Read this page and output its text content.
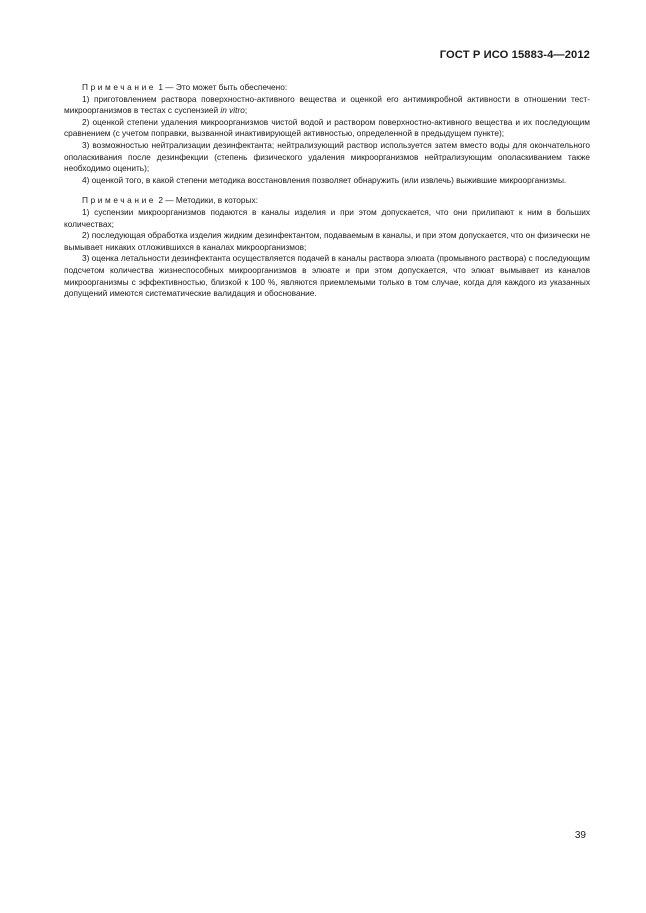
ГОСТ Р ИСО 15883-4—2012

Примечание 1 — Это может быть обеспечено:

1) приготовлением раствора поверхностно-активного вещества и оценкой его антимикробной активности в отношении тест-микроорганизмов в тестах с суспензией in vitro;

2) оценкой степени удаления микроорганизмов чистой водой и раствором поверхностно-активного вещества и их последующим сравнением (с учетом поправки, вызванной инактивирующей активностью, определенной в предыдущем пункте);

3) возможностью нейтрализации дезинфектанта; нейтрализующий раствор используется затем вместо воды для окончательного ополаскивания после дезинфекции (степень физического удаления микроорганизмов нейтрализующим ополаскиванием также необходимо оценить);

4) оценкой того, в какой степени методика восстановления позволяет обнаружить (или извлечь) выжившие микроорганизмы.

Примечание 2 — Методики, в которых:

1) суспензии микроорганизмов подаются в каналы изделия и при этом допускается, что они прилипают к ним в больших количествах;

2) последующая обработка изделия жидким дезинфектантом, подаваемым в каналы, и при этом допускается, что он физически не вымывает никаких отложившихся в каналах микроорганизмов;

3) оценка летальности дезинфектанта осуществляется подачей в каналы раствора элюата (промывного раствора) с последующим подсчетом количества жизнеспособных микроорганизмов в элюате и при этом допускается, что элюат вымывает из каналов микроорганизмы с эффективностью, близкой к 100 %, являются приемлемыми только в том случае, когда для каждого из указанных допущений имеются систематические валидация и обоснование.

39
